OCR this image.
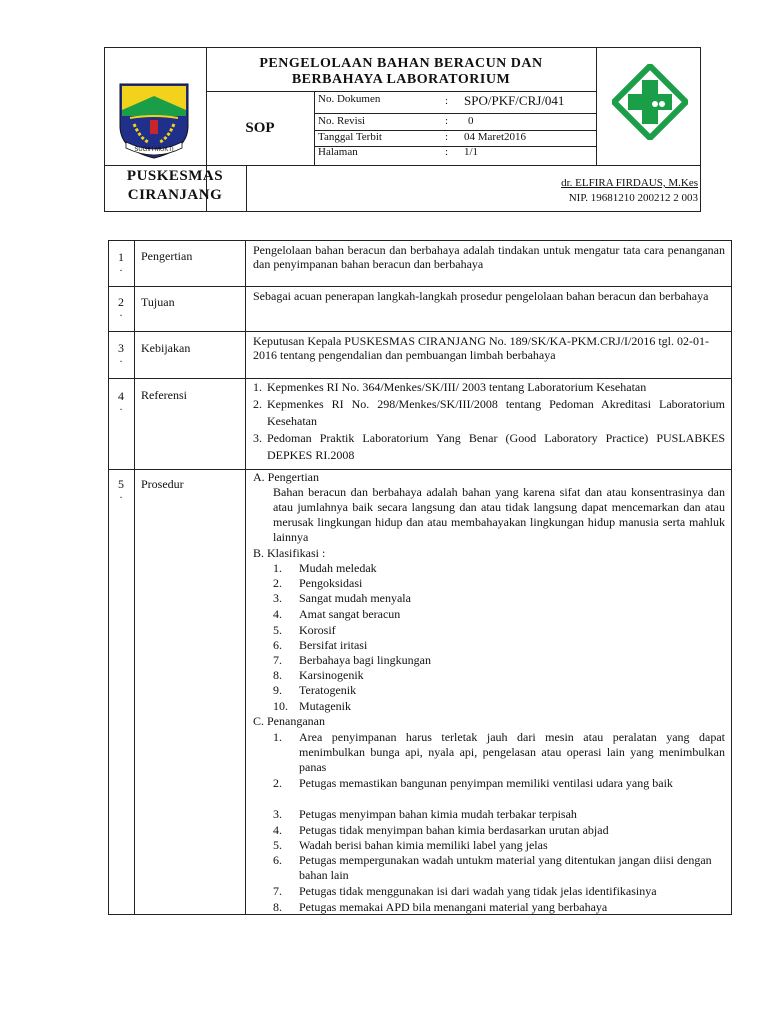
SUGIH MUKTI
PENGELOLAAN BAHAN BERACUN DAN
BERBAHAYA LABORATORIUM
SOP
No. Dokumen	: SPO/PKF/CRJ/041
No. Revisi	: 0
Tanggal Terbit	: 04 Maret2016
Halaman	: 1/1
PUSKESMAS
CIRANJANG
dr. ELFIRA FIRDAUS, M.Kes
NIP. 19681210 200212 2 003
1
.
Pengertian	Pengelolaan bahan beracun dan berbahaya adalah tindakan untuk mengatur tata cara penanganan dan penyimpanan bahan beracun dan berbahaya
2
.
Tujuan	Sebagai acuan penerapan langkah-langkah prosedur pengelolaan bahan beracun dan berbahaya
3
.
Kebijakan	Keputusan Kepala PUSKESMAS CIRANJANG No. 189/SK/KA-PKM.CRJ/I/2016 tgl. 02-01-2016 tentang pengendalian dan pembuangan limbah berbahaya
4
.
Referensi
1. Kepmenkes RI No. 364/Menkes/SK/III/ 2003 tentang Laboratorium Kesehatan
2. Kepmenkes RI No. 298/Menkes/SK/III/2008 tentang Pedoman Akreditasi Laboratorium Kesehatan
3. Pedoman Praktik Laboratorium Yang Benar (Good Laboratory Practice) PUSLABKES DEPKES RI.2008
5
.
Prosedur	A. Pengertian
Bahan beracun dan berbahaya adalah bahan yang karena sifat dan atau konsentrasinya dan atau jumlahnya baik secara langsung dan atau tidak langsung dapat mencemarkan dan atau merusak lingkungan hidup dan atau membahayakan lingkungan hidup manusia serta mahluk lainnya
B. Klasifikasi :
1.	Mudah meledak
2.	Pengoksidasi
3.	Sangat mudah menyala
4.	Amat sangat beracun
5.	Korosif
6.	Bersifat iritasi
7.	Berbahaya bagi lingkungan
8.	Karsinogenik
9.	Teratogenik
10. Mutagenik
C. Penanganan
1.	Area penyimpanan harus terletak jauh dari mesin atau peralatan yang dapat menimbulkan bunga api, nyala api, pengelasan atau operasi lain yang menimbulkan panas
2.	Petugas memastikan bangunan penyimpan memiliki ventilasi udara yang baik
3.	Petugas menyimpan bahan kimia mudah terbakar terpisah
4.	Petugas tidak menyimpan bahan kimia berdasarkan urutan abjad
5.	Wadah berisi bahan kimia memiliki label yang jelas
6.	Petugas mempergunakan wadah untukm material yang ditentukan jangan diisi dengan bahan lain
7.	Petugas tidak menggunakan isi dari wadah yang tidak jelas identifikasinya
8.	Petugas memakai APD bila menangani material yang berbahaya
